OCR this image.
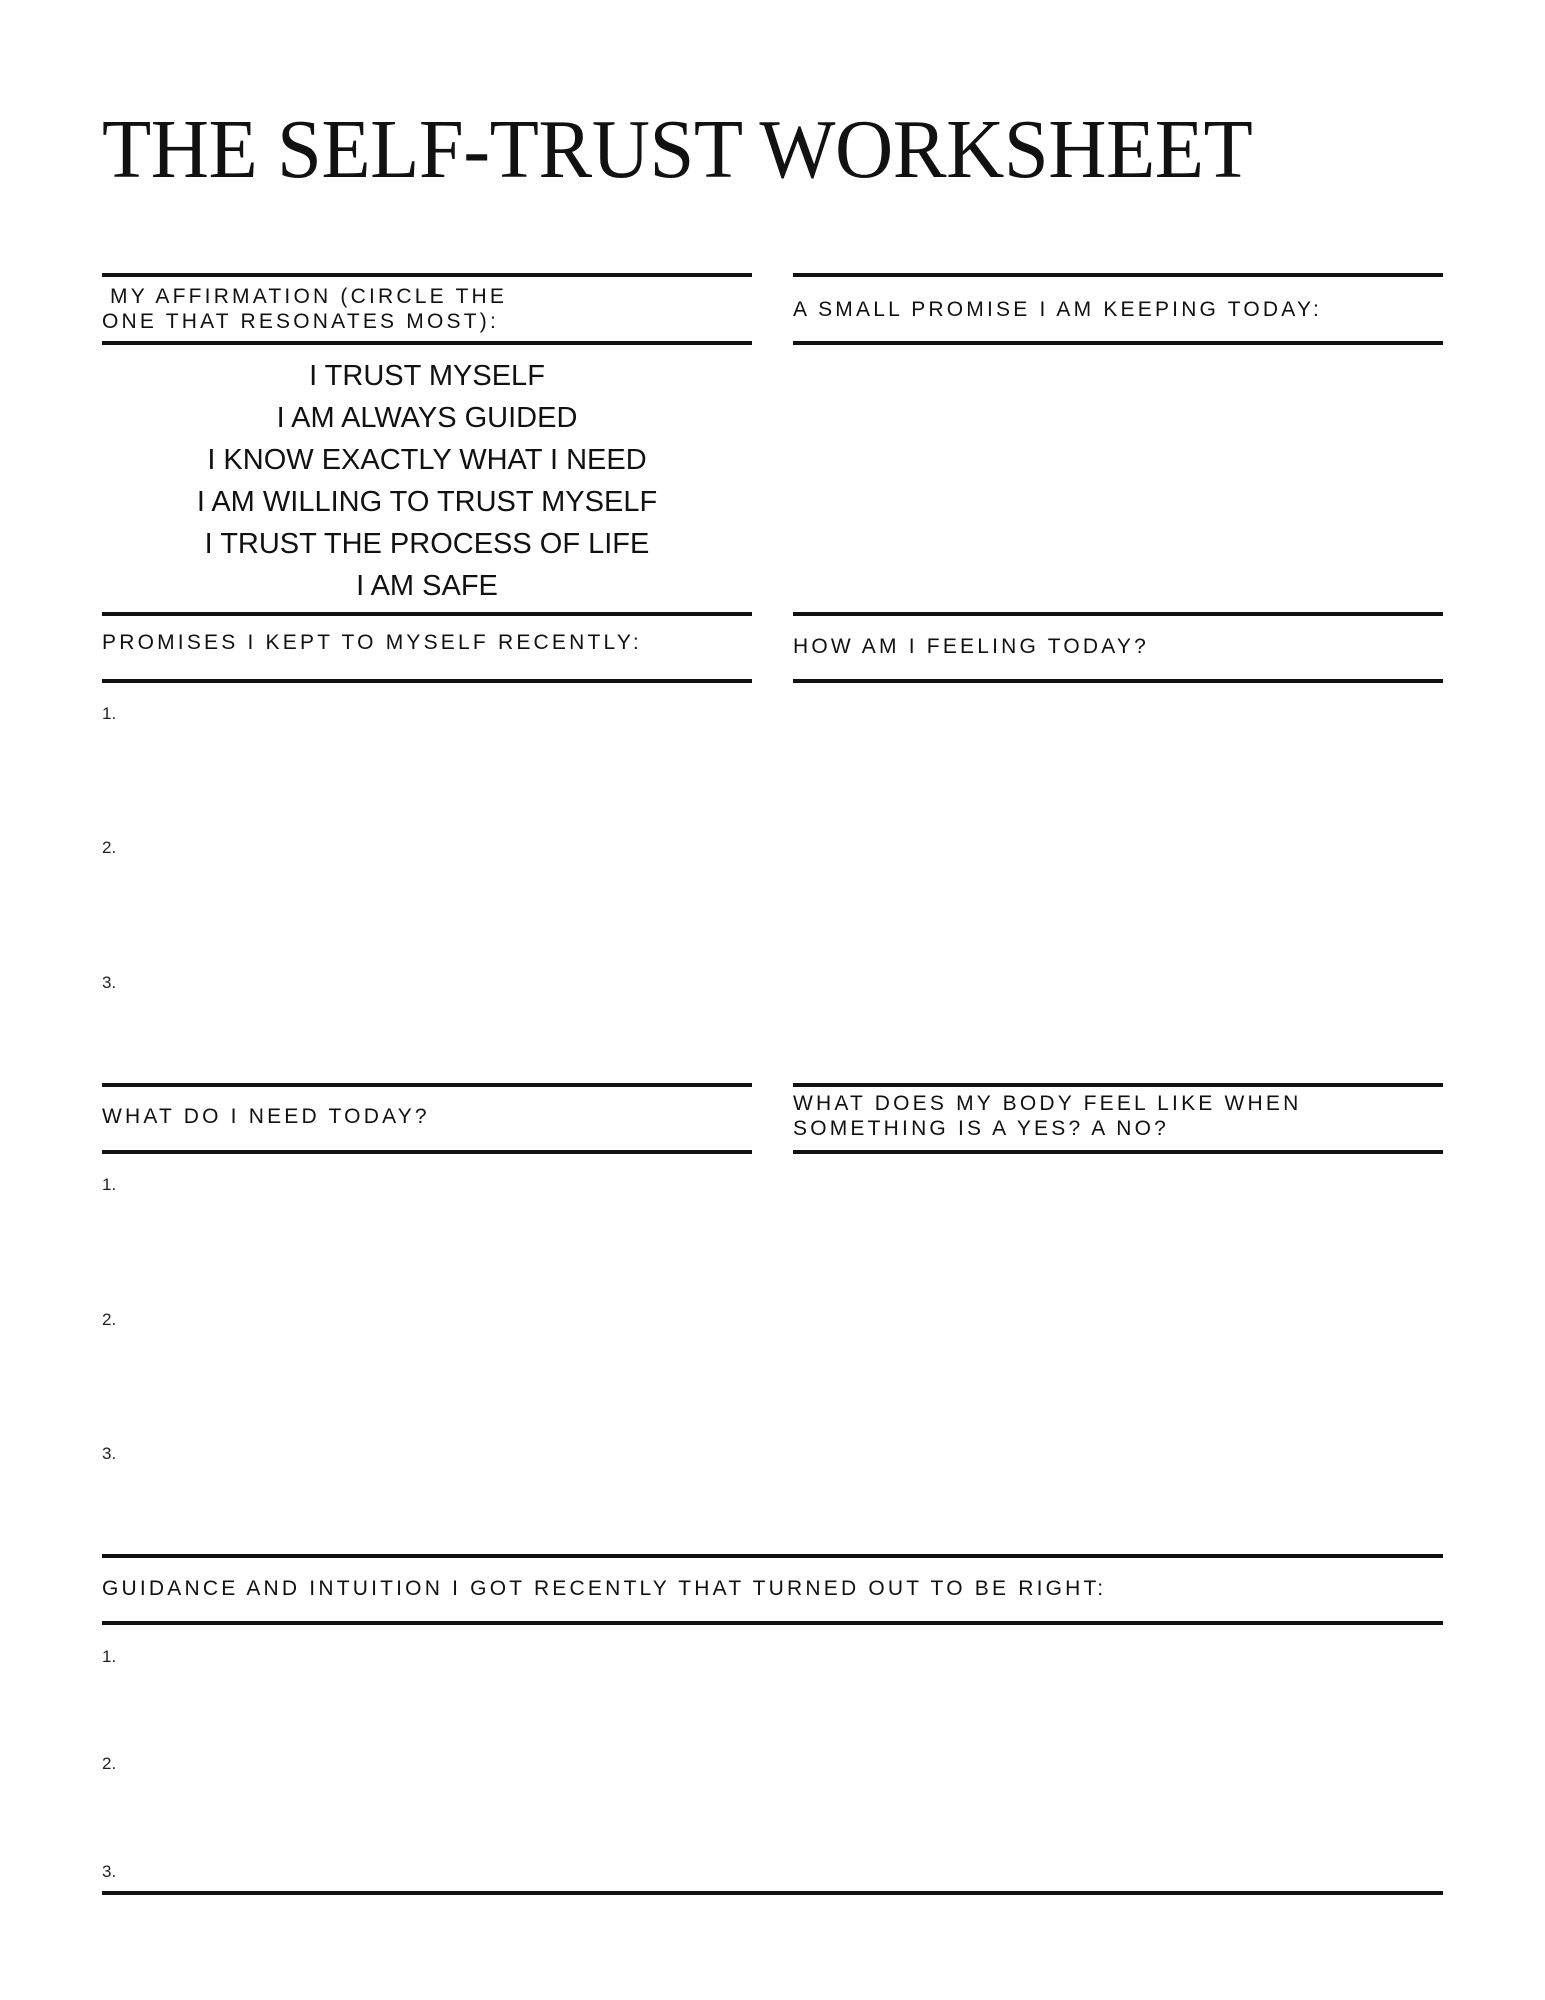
THE SELF-TRUST WORKSHEET
MY AFFIRMATION (CIRCLE THE
ONE THAT RESONATES MOST):
I TRUST MYSELF
I AM ALWAYS GUIDED
I KNOW EXACTLY WHAT I NEED
I AM WILLING TO TRUST MYSELF
I TRUST THE PROCESS OF LIFE
I AM SAFE
A SMALL PROMISE I AM KEEPING TODAY:
PROMISES I KEPT TO MYSELF RECENTLY:
1.
2.
3.
HOW AM I FEELING TODAY?
WHAT DO I NEED TODAY?
1.
2.
3.
WHAT DOES MY BODY FEEL LIKE WHEN
SOMETHING IS A YES? A NO?
GUIDANCE AND INTUITION I GOT RECENTLY THAT TURNED OUT TO BE RIGHT:
1.
2.
3.
